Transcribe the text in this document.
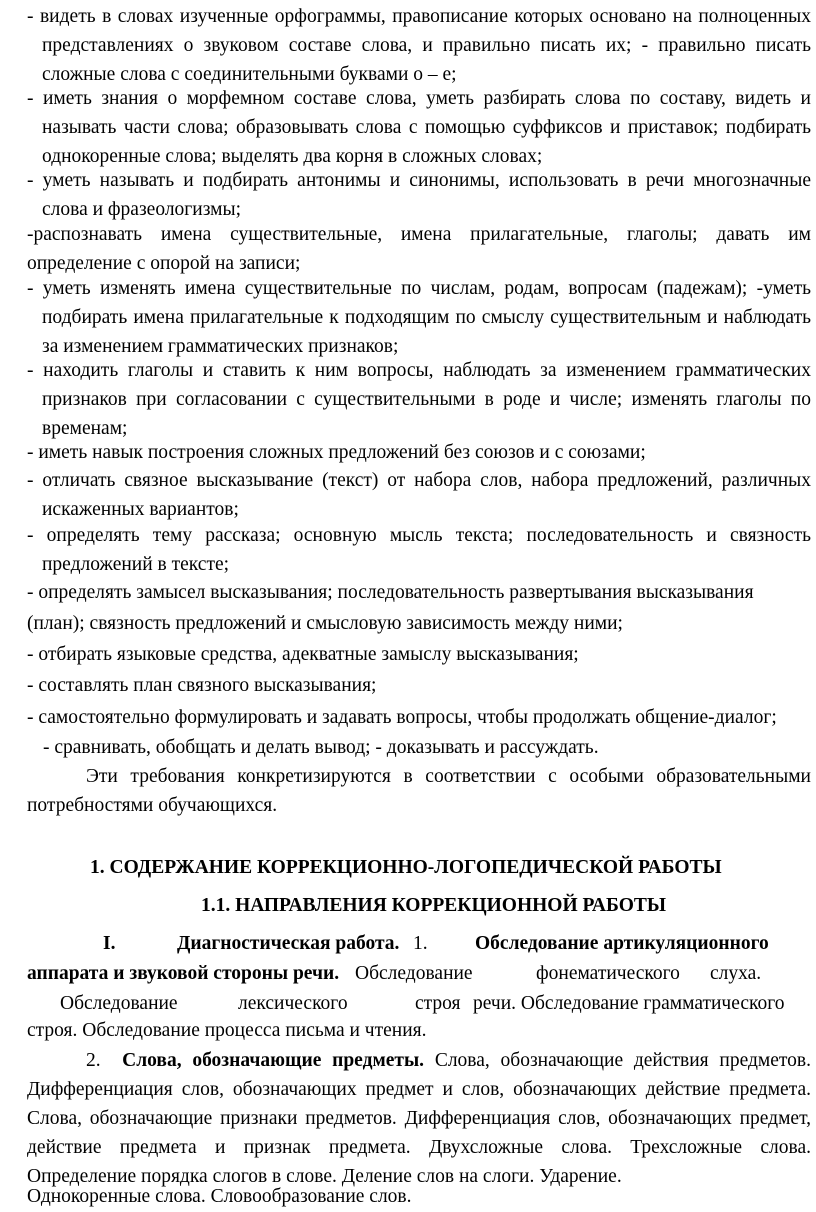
- видеть в словах изученные орфограммы, правописание которых основано на полноценных представлениях о звуковом составе слова, и правильно писать их; - правильно писать сложные слова с соединительными буквами о – е;

- иметь знания о морфемном составе слова, уметь разбирать слова по составу, видеть и называть части слова; образовывать слова с помощью суффиксов и приставок; подбирать однокоренные слова; выделять два корня в сложных словах;

- уметь называть и подбирать антонимы и синонимы, использовать в речи многозначные слова и фразеологизмы;

-распознавать имена существительные, имена прилагательные, глаголы; давать им определение с опорой на записи;

- уметь изменять имена существительные по числам, родам, вопросам (падежам); -уметь подбирать имена прилагательные к подходящим по смыслу существительным и наблюдать за изменением грамматических признаков;

- находить глаголы и ставить к ним вопросы, наблюдать за изменением грамматических признаков при согласовании с существительными в роде и числе; изменять глаголы по временам;

- иметь навык построения сложных предложений без союзов и с союзами;

- отличать связное высказывание (текст) от набора слов, набора предложений, различных искаженных вариантов;

- определять тему рассказа; основную мысль текста; последовательность и связность предложений в тексте;

- определять замысел высказывания; последовательность развертывания высказывания

(план); связность предложений и смысловую зависимость между ними;

- отбирать языковые средства, адекватные замыслу высказывания;

- составлять план связного высказывания;

- самостоятельно формулировать и задавать вопросы, чтобы продолжать общение-диалог;

- сравнивать, обобщать и делать вывод; - доказывать и рассуждать.

Эти требования конкретизируются в соответствии с особыми образовательными потребностями обучающихся.

1. СОДЕРЖАНИЕ КОРРЕКЦИОННО-ЛОГОПЕДИЧЕСКОЙ РАБОТЫ

1.1. НАПРАВЛЕНИЯ КОРРЕКЦИОННОЙ РАБОТЫ

I.	Диагностическая работа. 1. Обследование артикуляционного
аппарата и звуковой стороны речи. Обследование	фонематического слуха.
Обследование	лексического	строя речи. Обследование грамматического
строя. Обследование процесса письма и чтения.

2. Слова, обозначающие предметы. Слова, обозначающие действия предметов. Дифференциация слов, обозначающих предмет и слов, обозначающих действие предмета. Слова, обозначающие признаки предметов. Дифференциация слов, обозначающих предмет, действие предмета и признак предмета. Двухсложные слова. Трехсложные слова. Определение порядка слогов в слове. Деление слов на слоги. Ударение.

Однокоренные слова. Словообразование слов.
